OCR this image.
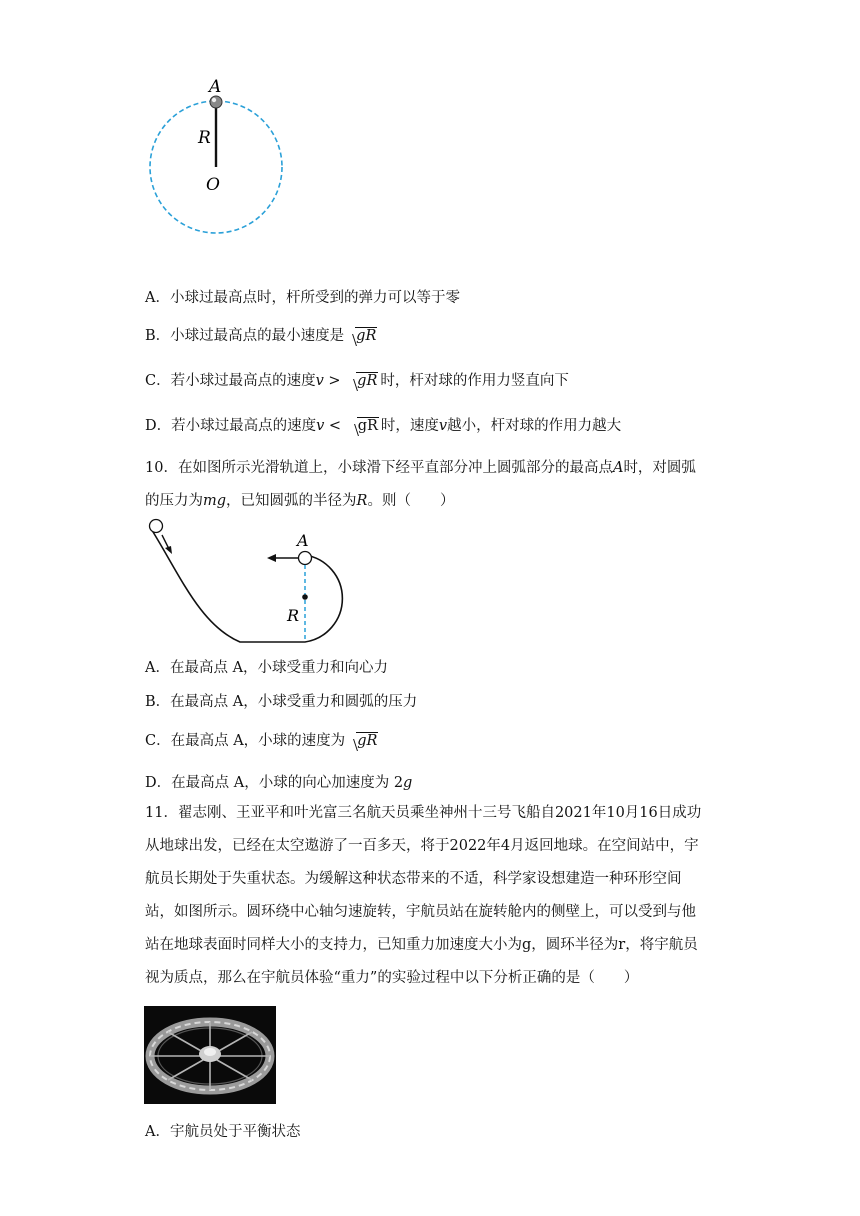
A
R
O
A．小球过最高点时，杆所受到的弹力可以等于零
B．小球过最高点的最小速度是 gR
C．若小球过最高点的速度v > gR 时，杆对球的作用力竖直向下
D．若小球过最高点的速度v < gR 时，速度v越小，杆对球的作用力越大
10．在如图所示光滑轨道上，小球滑下经平直部分冲上圆弧部分的最高点A时，对圆弧的压力为mg，已知圆弧的半径为R。则（　　）
A
R
A．在最高点 A，小球受重力和向心力
B．在最高点 A，小球受重力和圆弧的压力
C．在最高点 A，小球的速度为 gR
D．在最高点 A，小球的向心加速度为 2g
11．翟志刚、王亚平和叶光富三名航天员乘坐神州十三号飞船自2021年10月16日成功从地球出发，已经在太空遨游了一百多天，将于2022年4月返回地球。在空间站中，宇航员长期处于失重状态。为缓解这种状态带来的不适，科学家设想建造一种环形空间站，如图所示。圆环绕中心轴匀速旋转，宇航员站在旋转舱内的侧壁上，可以受到与他站在地球表面时同样大小的支持力，已知重力加速度大小为g，圆环半径为r，将宇航员视为质点，那么在宇航员体验“重力”的实验过程中以下分析正确的是（　　）
A．宇航员处于平衡状态
